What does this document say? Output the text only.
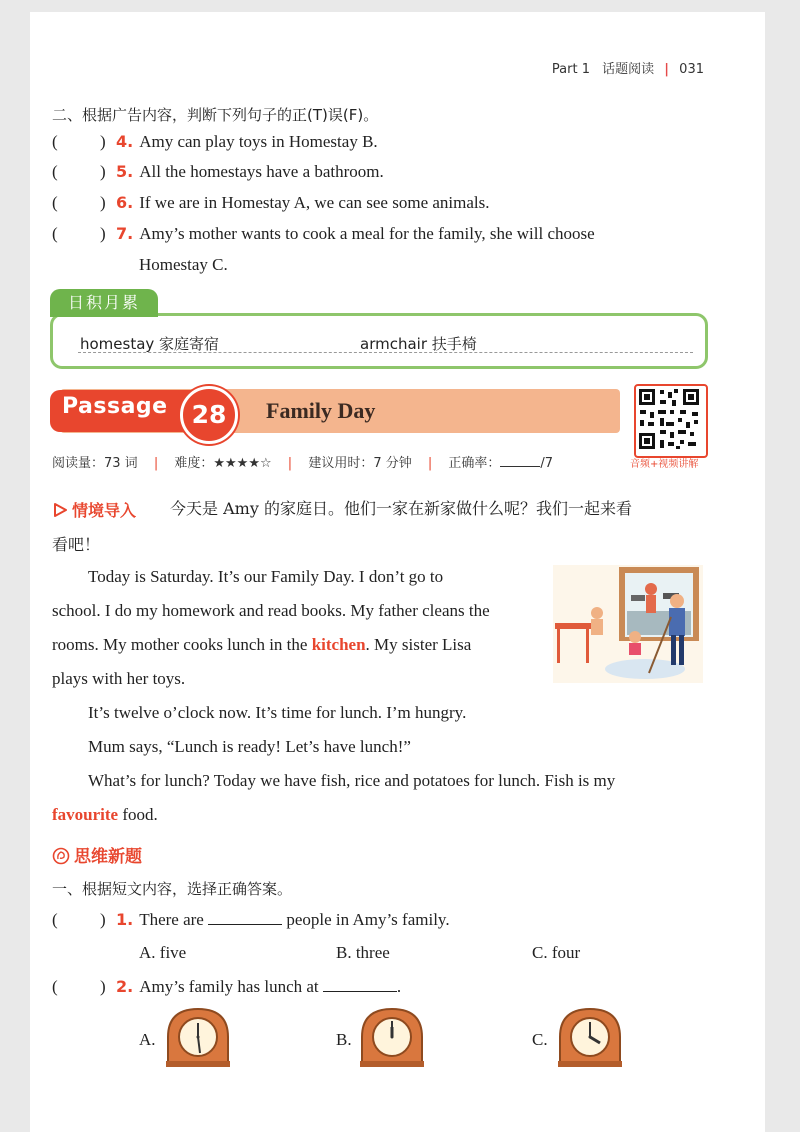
Part 1 话题阅读 | 031
二、根据广告内容，判断下列句子的正(T)误(F)。
( ) 4. Amy can play toys in Homestay B.
( ) 5. All the homestays have a bathroom.
( ) 6. If we are in Homestay A, we can see some animals.
( ) 7. Amy’s mother wants to cook a meal for the family, she will choose
Homestay C.
日积月累
homestay 家庭寄宿	armchair 扶手椅
Passage 28	Family Day
音频+视频讲解
阅读量：73 词 | 难度：★★★★☆ | 建议用时：7 分钟 | 正确率：	/7
情境导入 今天是 Amy 的家庭日。他们一家在新家做什么呢？我们一起来看
看吧！
Today is Saturday. It’s our Family Day. I don’t go to
school. I do my homework and read books. My father cleans the
rooms. My mother cooks lunch in the kitchen. My sister Lisa
plays with her toys.
It’s twelve o’clock now. It’s time for lunch. I’m hungry.
Mum says, “Lunch is ready! Let’s have lunch!”
What’s for lunch? Today we have fish, rice and potatoes for lunch. Fish is my
favourite food.
思维新题
一、根据短文内容，选择正确答案。
( ) 1. There are	people in Amy’s family.
A. five	B. three	C. four
( ) 2. Amy’s family has lunch at	.
A.	B.	C.
